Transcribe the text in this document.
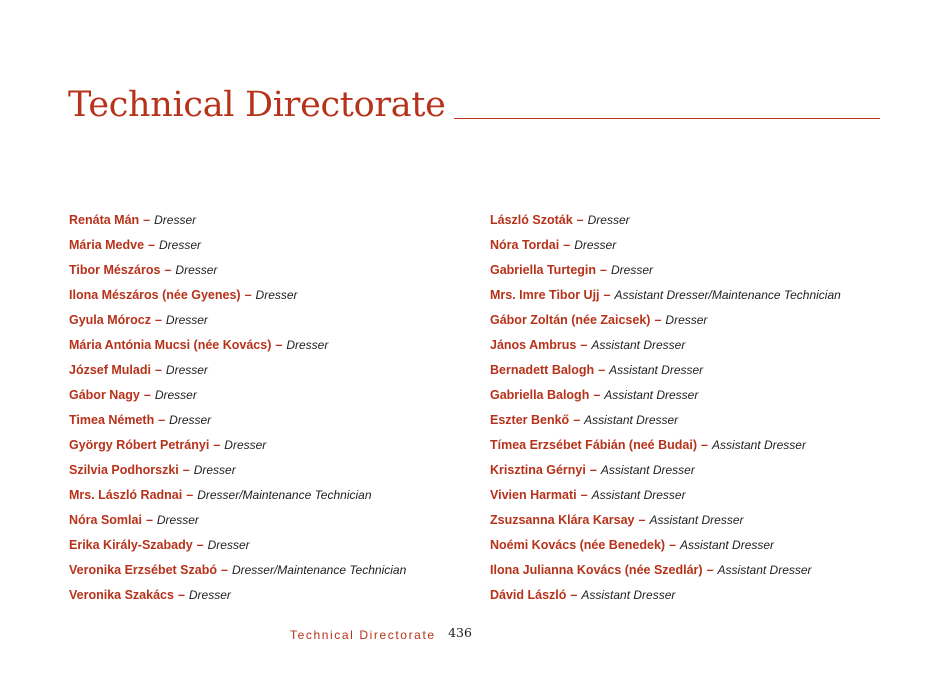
Technical Directorate
Renáta Mán – Dresser
Mária Medve – Dresser
Tibor Mészáros – Dresser
Ilona Mészáros (née Gyenes) – Dresser
Gyula Mórocz – Dresser
Mária Antónia Mucsi (née Kovács) – Dresser
József Muladi – Dresser
Gábor Nagy – Dresser
Timea Németh – Dresser
György Róbert Petrányi – Dresser
Szilvia Podhorszki – Dresser
Mrs. László Radnai – Dresser/Maintenance Technician
Nóra Somlai – Dresser
Erika Király-Szabady – Dresser
Veronika Erzsébet Szabó – Dresser/Maintenance Technician
Veronika Szakács – Dresser
László Szoták – Dresser
Nóra Tordai – Dresser
Gabriella Turtegin – Dresser
Mrs. Imre Tibor Ujj – Assistant Dresser/Maintenance Technician
Gábor Zoltán (née Zaicsek) – Dresser
János Ambrus – Assistant Dresser
Bernadett Balogh – Assistant Dresser
Gabriella Balogh – Assistant Dresser
Eszter Benkő – Assistant Dresser
Tímea Erzsébet Fábián (neé Budai) – Assistant Dresser
Krisztina Gérnyi – Assistant Dresser
Vivien Harmati – Assistant Dresser
Zsuzsanna Klára Karsay – Assistant Dresser
Noémi Kovács (née Benedek) – Assistant Dresser
Ilona Julianna Kovács (née Szedlár) – Assistant Dresser
Dávid László – Assistant Dresser
Technical Directorate 436
